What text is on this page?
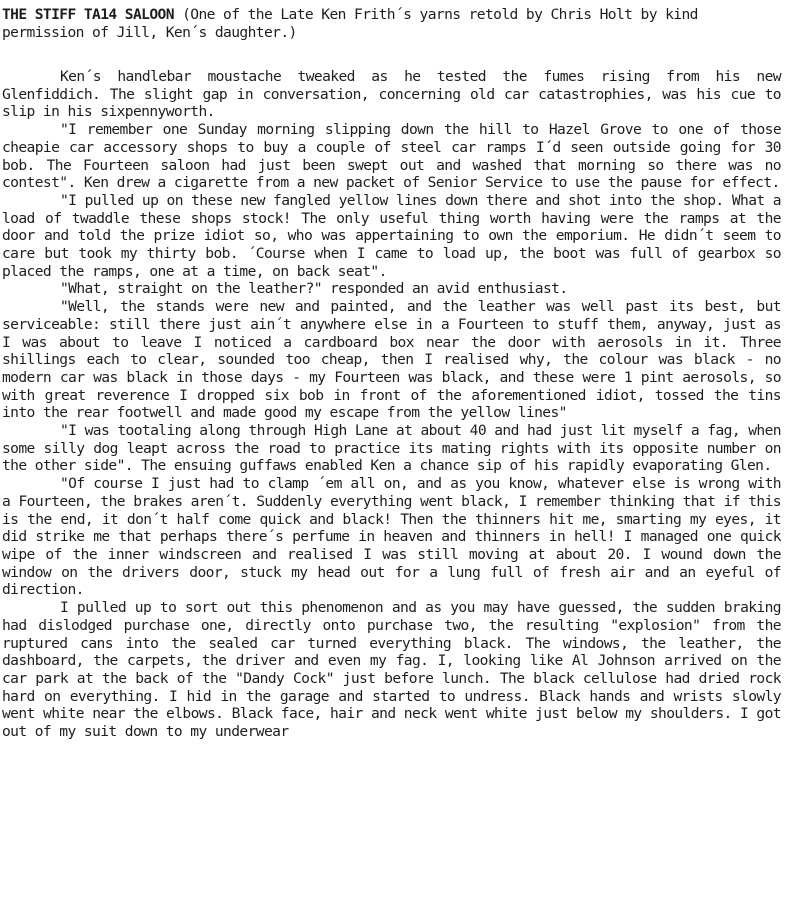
THE STIFF TA14 SALOON (One of the Late Ken Frith´s yarns retold by Chris Holt by kind permission of Jill, Ken´s daughter.)

Ken´s handlebar moustache tweaked as he tested the fumes rising from his new Glenfiddich. The slight gap in conversation, concerning old car catastrophies, was his cue to slip in his sixpennyworth.

"I remember one Sunday morning slipping down the hill to Hazel Grove to one of those cheapie car accessory shops to buy a couple of steel car ramps I´d seen outside going for 30 bob. The Fourteen saloon had just been swept out and washed that morning so there was no contest". Ken drew a cigarette from a new packet of Senior Service to use the pause for effect.

"I pulled up on these new fangled yellow lines down there and shot into the shop. What a load of twaddle these shops stock! The only useful thing worth having were the ramps at the door and told the prize idiot so, who was appertaining to own the emporium. He didn´t seem to care but took my thirty bob. ´Course when I came to load up, the boot was full of gearbox so placed the ramps, one at a time, on back seat".

"What, straight on the leather?" responded an avid enthusiast.

"Well, the stands were new and painted, and the leather was well past its best, but serviceable: still there just ain´t anywhere else in a Fourteen to stuff them, anyway, just as I was about to leave I noticed a cardboard box near the door with aerosols in it. Three shillings each to clear, sounded too cheap, then I realised why, the colour was black - no modern car was black in those days - my Fourteen was black, and these were 1 pint aerosols, so with great reverence I dropped six bob in front of the aforementioned idiot, tossed the tins into the rear footwell and made good my escape from the yellow lines"

"I was tootaling along through High Lane at about 40 and had just lit myself a fag, when some silly dog leapt across the road to practice its mating rights with its opposite number on the other side". The ensuing guffaws enabled Ken a chance sip of his rapidly evaporating Glen.

"Of course I just had to clamp ´em all on, and as you know, whatever else is wrong with a Fourteen, the brakes aren´t. Suddenly everything went black, I remember thinking that if this is the end, it don´t half come quick and black! Then the thinners hit me, smarting my eyes, it did strike me that perhaps there´s perfume in heaven and thinners in hell! I managed one quick wipe of the inner windscreen and realised I was still moving at about 20. I wound down the window on the drivers door, stuck my head out for a lung full of fresh air and an eyeful of direction.

I pulled up to sort out this phenomenon and as you may have guessed, the sudden braking had dislodged purchase one, directly onto purchase two, the resulting "explosion" from the ruptured cans into the sealed car turned everything black. The windows, the leather, the dashboard, the carpets, the driver and even my fag. I, looking like Al Johnson arrived on the car park at the back of the "Dandy Cock" just before lunch. The black cellulose had dried rock hard on everything. I hid in the garage and started to undress. Black hands and wrists slowly went white near the elbows. Black face, hair and neck went white just below my shoulders. I got out of my suit down to my underwear
